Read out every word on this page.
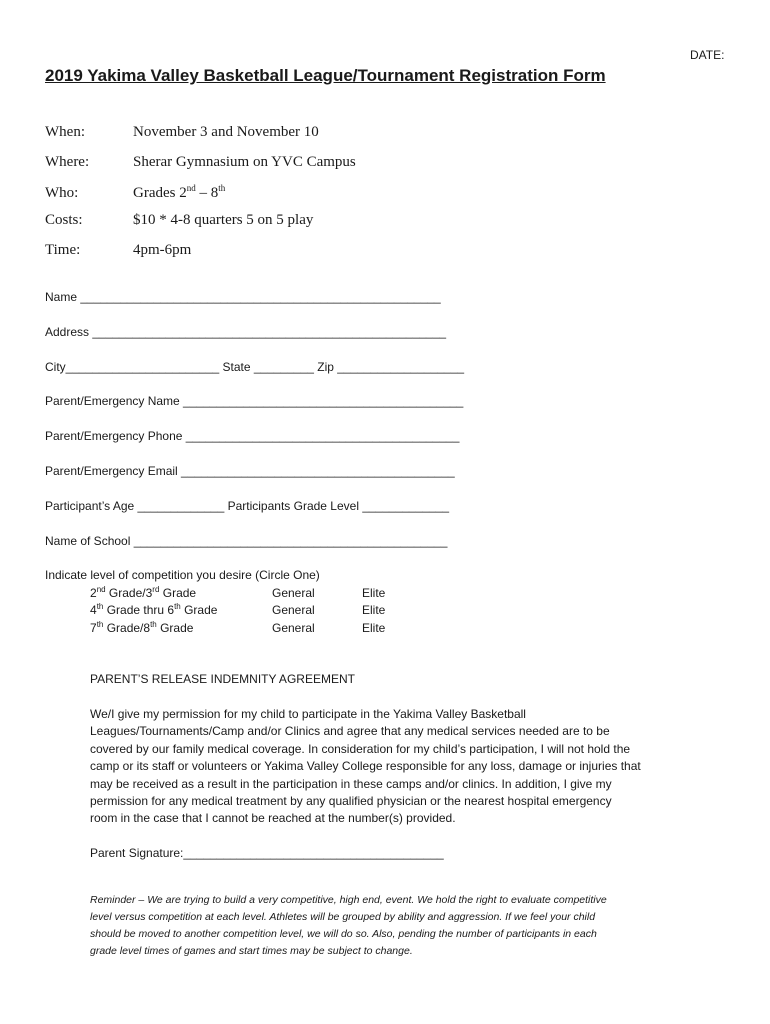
DATE:
2019 Yakima Valley Basketball League/Tournament Registration Form
When:	November 3 and November 10
Where:	Sherar Gymnasium on YVC Campus
Who:	Grades 2nd – 8th
Costs:	$10 * 4-8 quarters 5 on 5 play
Time:	4pm-6pm
Name ______________________________________________________
Address _____________________________________________________
City_______________________ State _________ Zip ___________________
Parent/Emergency Name __________________________________________
Parent/Emergency Phone _________________________________________
Parent/Emergency Email _________________________________________
Participant’s Age _____________ Participants Grade Level _____________
Name of School _______________________________________________
Indicate level of competition you desire (Circle One)
2nd Grade/3rd Grade	General	Elite
4th Grade thru 6th Grade	General	Elite
7th Grade/8th Grade	General	Elite
PARENT’S RELEASE INDEMNITY AGREEMENT
We/I give my permission for my child to participate in the Yakima Valley Basketball
Leagues/Tournaments/Camp and/or Clinics and agree that any medical services needed are to be
covered by our family medical coverage. In consideration for my child’s participation, I will not hold the
camp or its staff or volunteers or Yakima Valley College responsible for any loss, damage or injuries that
may be received as a result in the participation in these camps and/or clinics. In addition, I give my
permission for any medical treatment by any qualified physician or the nearest hospital emergency
room in the case that I cannot be reached at the number(s) provided.
Parent Signature:_______________________________________
Reminder – We are trying to build a very competitive, high end, event. We hold the right to evaluate competitive
level versus competition at each level. Athletes will be grouped by ability and aggression. If we feel your child
should be moved to another competition level, we will do so. Also, pending the number of participants in each
grade level times of games and start times may be subject to change.
